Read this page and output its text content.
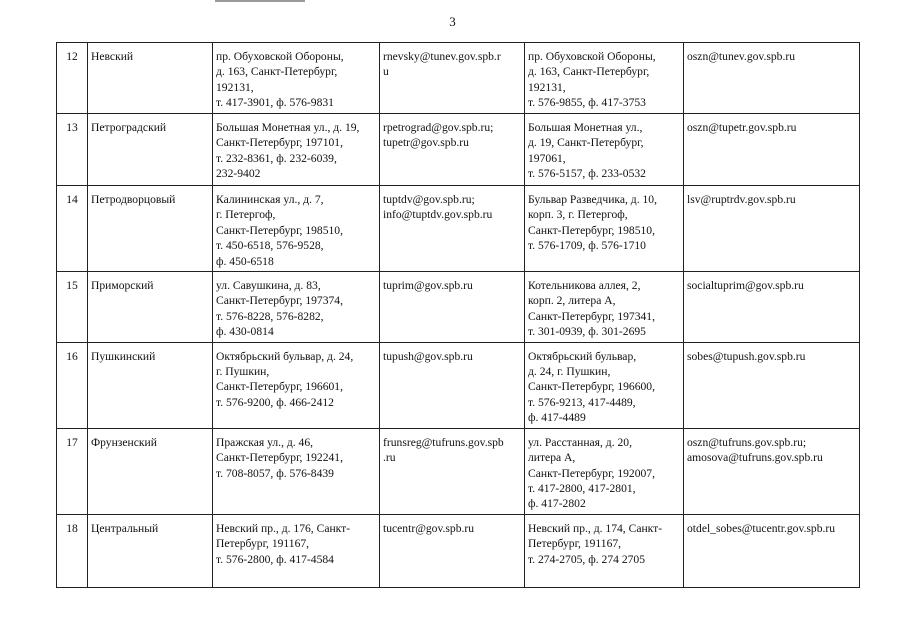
3
12	Невский	пр. Обуховской Обороны,
д. 163, Санкт-Петербург,
192131,
т. 417-3901, ф. 576-9831	rnevsky@tunev.gov.spb.r
u	пр. Обуховской Обороны,
д. 163, Санкт-Петербург,
192131,
т. 576-9855, ф. 417-3753	oszn@tunev.gov.spb.ru

13	Петроградский	Большая Монетная ул., д. 19,
Санкт-Петербург, 197101,
т. 232-8361, ф. 232-6039,
232-9402	rpetrograd@gov.spb.ru;
tupetr@gov.spb.ru	Большая Монетная ул.,
д. 19, Санкт-Петербург,
197061,
т. 576-5157, ф. 233-0532	oszn@tupetr.gov.spb.ru

14	Петродворцовый	Калининская ул., д. 7,
г. Петергоф,
Санкт-Петербург, 198510,
т. 450-6518, 576-9528,
ф. 450-6518	tuptdv@gov.spb.ru;
info@tuptdv.gov.spb.ru	Бульвар Разведчика, д. 10,
корп. 3, г. Петергоф,
Санкт-Петербург, 198510,
т. 576-1709, ф. 576-1710	lsv@ruptrdv.gov.spb.ru

15	Приморский	ул. Савушкина, д. 83,
Санкт-Петербург, 197374,
т. 576-8228, 576-8282,
ф. 430-0814	tuprim@gov.spb.ru	Котельникова аллея, 2,
корп. 2, литера А,
Санкт-Петербург, 197341,
т. 301-0939, ф. 301-2695	socialtuprim@gov.spb.ru

16	Пушкинский	Октябрьский бульвар, д. 24,
г. Пушкин,
Санкт-Петербург, 196601,
т. 576-9200, ф. 466-2412	tupush@gov.spb.ru	Октябрьский бульвар,
д. 24, г. Пушкин,
Санкт-Петербург, 196600,
т. 576-9213, 417-4489,
ф. 417-4489	sobes@tupush.gov.spb.ru

17	Фрунзенский	Пражская ул., д. 46,
Санкт-Петербург, 192241,
т. 708-8057, ф. 576-8439	frunsreg@tufruns.gov.spb
.ru	ул. Расстанная, д. 20,
литера А,
Санкт-Петербург, 192007,
т. 417-2800, 417-2801,
ф. 417-2802	oszn@tufruns.gov.spb.ru;
amosova@tufruns.gov.spb.ru

18	Центральный	Невский пр., д. 176, Санкт-
Петербург, 191167,
т. 576-2800, ф. 417-4584	tucentr@gov.spb.ru	Невский пр., д. 174, Санкт-
Петербург, 191167,
т. 274-2705, ф. 274 2705	otdel_sobes@tucentr.gov.spb.ru
